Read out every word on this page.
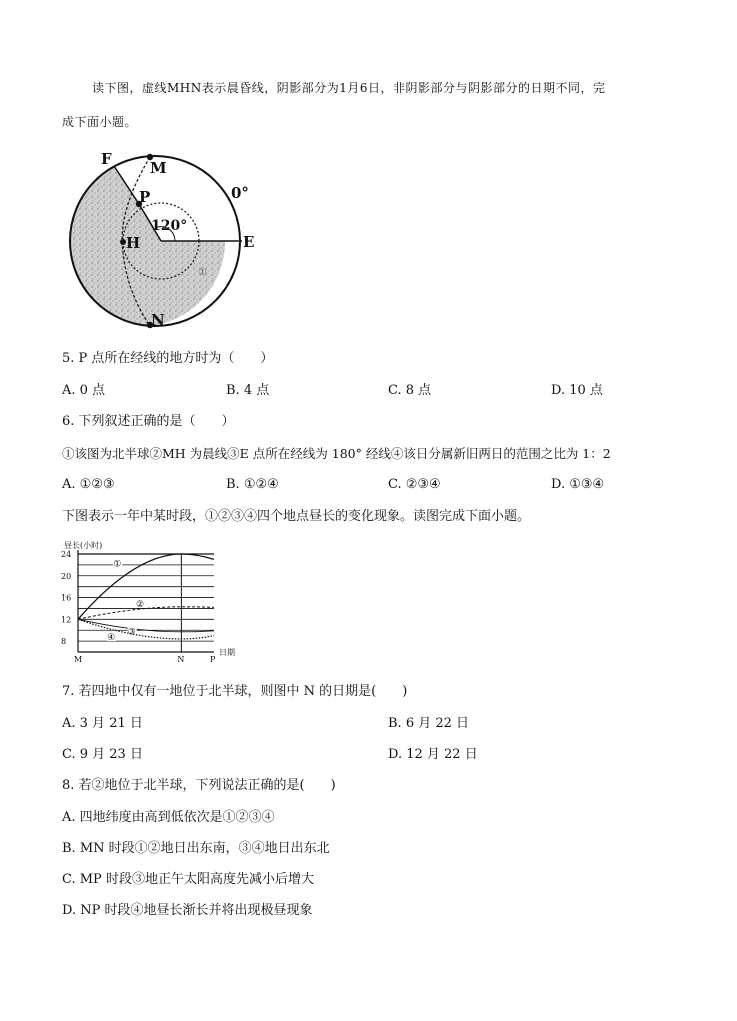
读下图，虚线MHN表示晨昏线，阴影部分为1月6日，非阴影部分与阴影部分的日期不同，完
成下面小题。
F	M
P
H
N
E
0°
120°
①
5. P 点所在经线的地方时为（　　）
A. 0 点	B. 4 点	C. 8 点	D. 10 点
6. 下列叙述正确的是（　　）
①该图为北半球②MH 为晨线③E 点所在经线为 180° 经线④该日分属新旧两日的范围之比为 1：2
A. ①②③	B. ①②④	C. ②③④	D. ①③④
下图表示一年中某时段，①②③④四个地点昼长的变化现象。读图完成下面小题。
昼长(小时)
日期
24
20
16
12
8
M	N	P
①
②
③
④
7. 若四地中仅有一地位于北半球，则图中 N 的日期是(　　)
A. 3 月 21 日	B. 6 月 22 日
C. 9 月 23 日	D. 12 月 22 日
8. 若②地位于北半球，下列说法正确的是(　　)
A. 四地纬度由高到低依次是①②③④
B. MN 时段①②地日出东南，③④地日出东北
C. MP 时段③地正午太阳高度先减小后增大
D. NP 时段④地昼长渐长并将出现极昼现象
